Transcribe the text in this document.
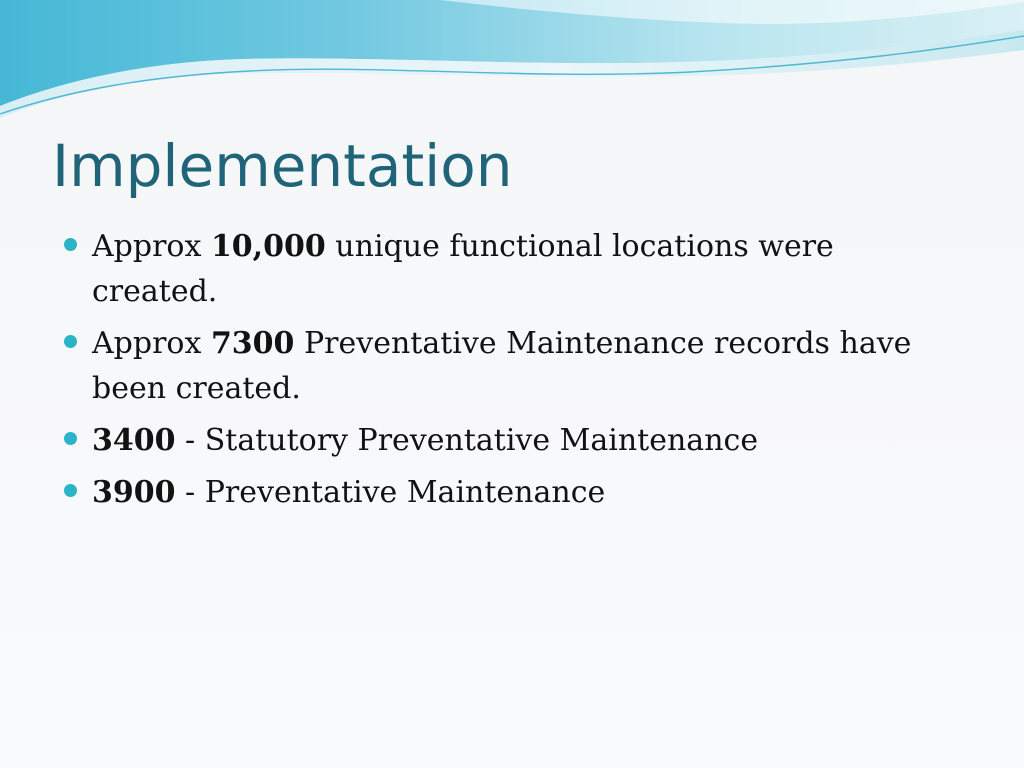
Implementation
Approx 10,000 unique functional locations were created.
Approx 7300 Preventative Maintenance records have been created.
3400 - Statutory Preventative Maintenance
3900 - Preventative Maintenance
